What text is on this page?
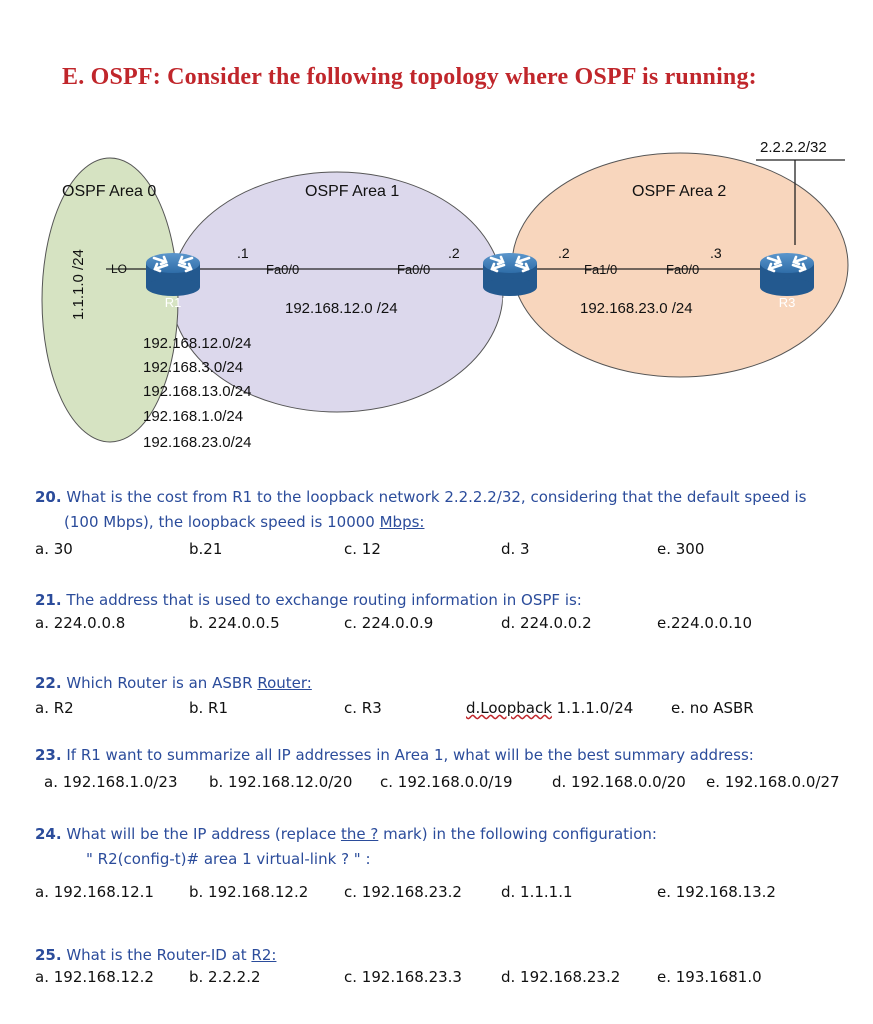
E. OSPF: Consider the following topology where OSPF is running:
R1	R2	R3
OSPF Area 0	OSPF Area 1	OSPF Area 2
2.2.2.2/32
1.1.1.0 /24 LO	Fa0/0	Fa0/0	Fa1/0	Fa0/0
.1	.2	.2	.3
192.168.12.0 /24	192.168.23.0 /24
192.168.12.0/24
192.168.3.0/24
192.168.13.0/24
192.168.1.0/24
192.168.23.0/24
20. What is the cost from R1 to the loopback network 2.2.2.2/32, considering that the default speed is
(100 Mbps), the loopback speed is 10000 Mbps:
a. 30	b.21	c. 12	d. 3	e. 300
21. The address that is used to exchange routing information in OSPF is:
a. 224.0.0.8	b. 224.0.0.5	c. 224.0.0.9	d. 224.0.0.2	e.224.0.0.10
22. Which Router is an ASBR Router:
a. R2	b. R1	c. R3	d.Loopback 1.1.1.0/24	e. no ASBR
23. If R1 want to summarize all IP addresses in Area 1, what will be the best summary address:
a. 192.168.1.0/23 b. 192.168.12.0/20 c. 192.168.0.0/19	d. 192.168.0.0/20 e. 192.168.0.0/27
24. What will be the IP address (replace the ? mark) in the following configuration:
" R2(config-t)# area 1 virtual-link ? " :
a. 192.168.12.1 b. 192.168.12.2 c. 192.168.23.2	d. 1.1.1.1	e. 192.168.13.2
25. What is the Router-ID at R2:
a. 192.168.12.2 b. 2.2.2.2	c. 192.168.23.3	d. 192.168.23.2 e. 193.1681.0
